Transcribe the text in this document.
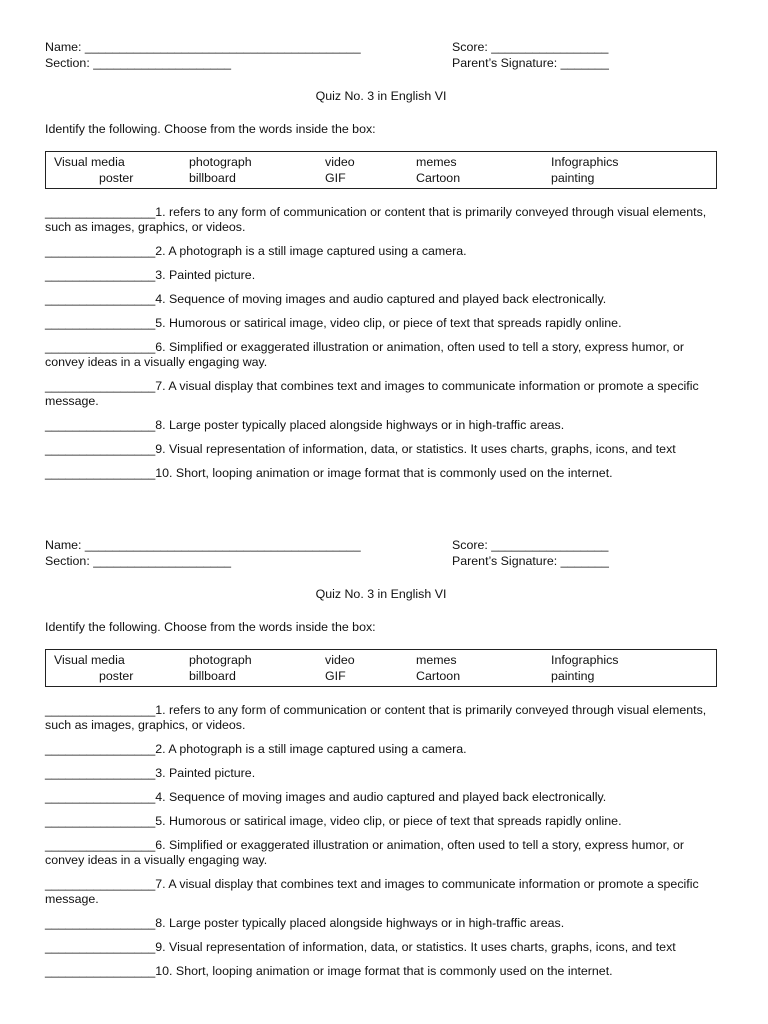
Name: ________________________________________	Score: _________________
Section: ____________________	Parent’s Signature: _______
Quiz No. 3 in English VI
Identify the following. Choose from the words inside the box:
Visual media	photograph	video	memes	Infographics
poster	billboard	GIF	Cartoon	painting
________________1. refers to any form of communication or content that is primarily conveyed through visual elements, such as images, graphics, or videos.
________________2. A photograph is a still image captured using a camera.
________________3. Painted picture.
________________4. Sequence of moving images and audio captured and played back electronically.
________________5. Humorous or satirical image, video clip, or piece of text that spreads rapidly online.
________________6. Simplified or exaggerated illustration or animation, often used to tell a story, express humor, or convey ideas in a visually engaging way.
________________7. A visual display that combines text and images to communicate information or promote a specific message.
________________8. Large poster typically placed alongside highways or in high-traffic areas.
________________9. Visual representation of information, data, or statistics. It uses charts, graphs, icons, and text
________________10. Short, looping animation or image format that is commonly used on the internet.
Name: ________________________________________	Score: _________________
Section: ____________________	Parent’s Signature: _______
Quiz No. 3 in English VI
Identify the following. Choose from the words inside the box:
Visual media	photograph	video	memes	Infographics
poster	billboard	GIF	Cartoon	painting
________________1. refers to any form of communication or content that is primarily conveyed through visual elements, such as images, graphics, or videos.
________________2. A photograph is a still image captured using a camera.
________________3. Painted picture.
________________4. Sequence of moving images and audio captured and played back electronically.
________________5. Humorous or satirical image, video clip, or piece of text that spreads rapidly online.
________________6. Simplified or exaggerated illustration or animation, often used to tell a story, express humor, or convey ideas in a visually engaging way.
________________7. A visual display that combines text and images to communicate information or promote a specific message.
________________8. Large poster typically placed alongside highways or in high-traffic areas.
________________9. Visual representation of information, data, or statistics. It uses charts, graphs, icons, and text
________________10. Short, looping animation or image format that is commonly used on the internet.
